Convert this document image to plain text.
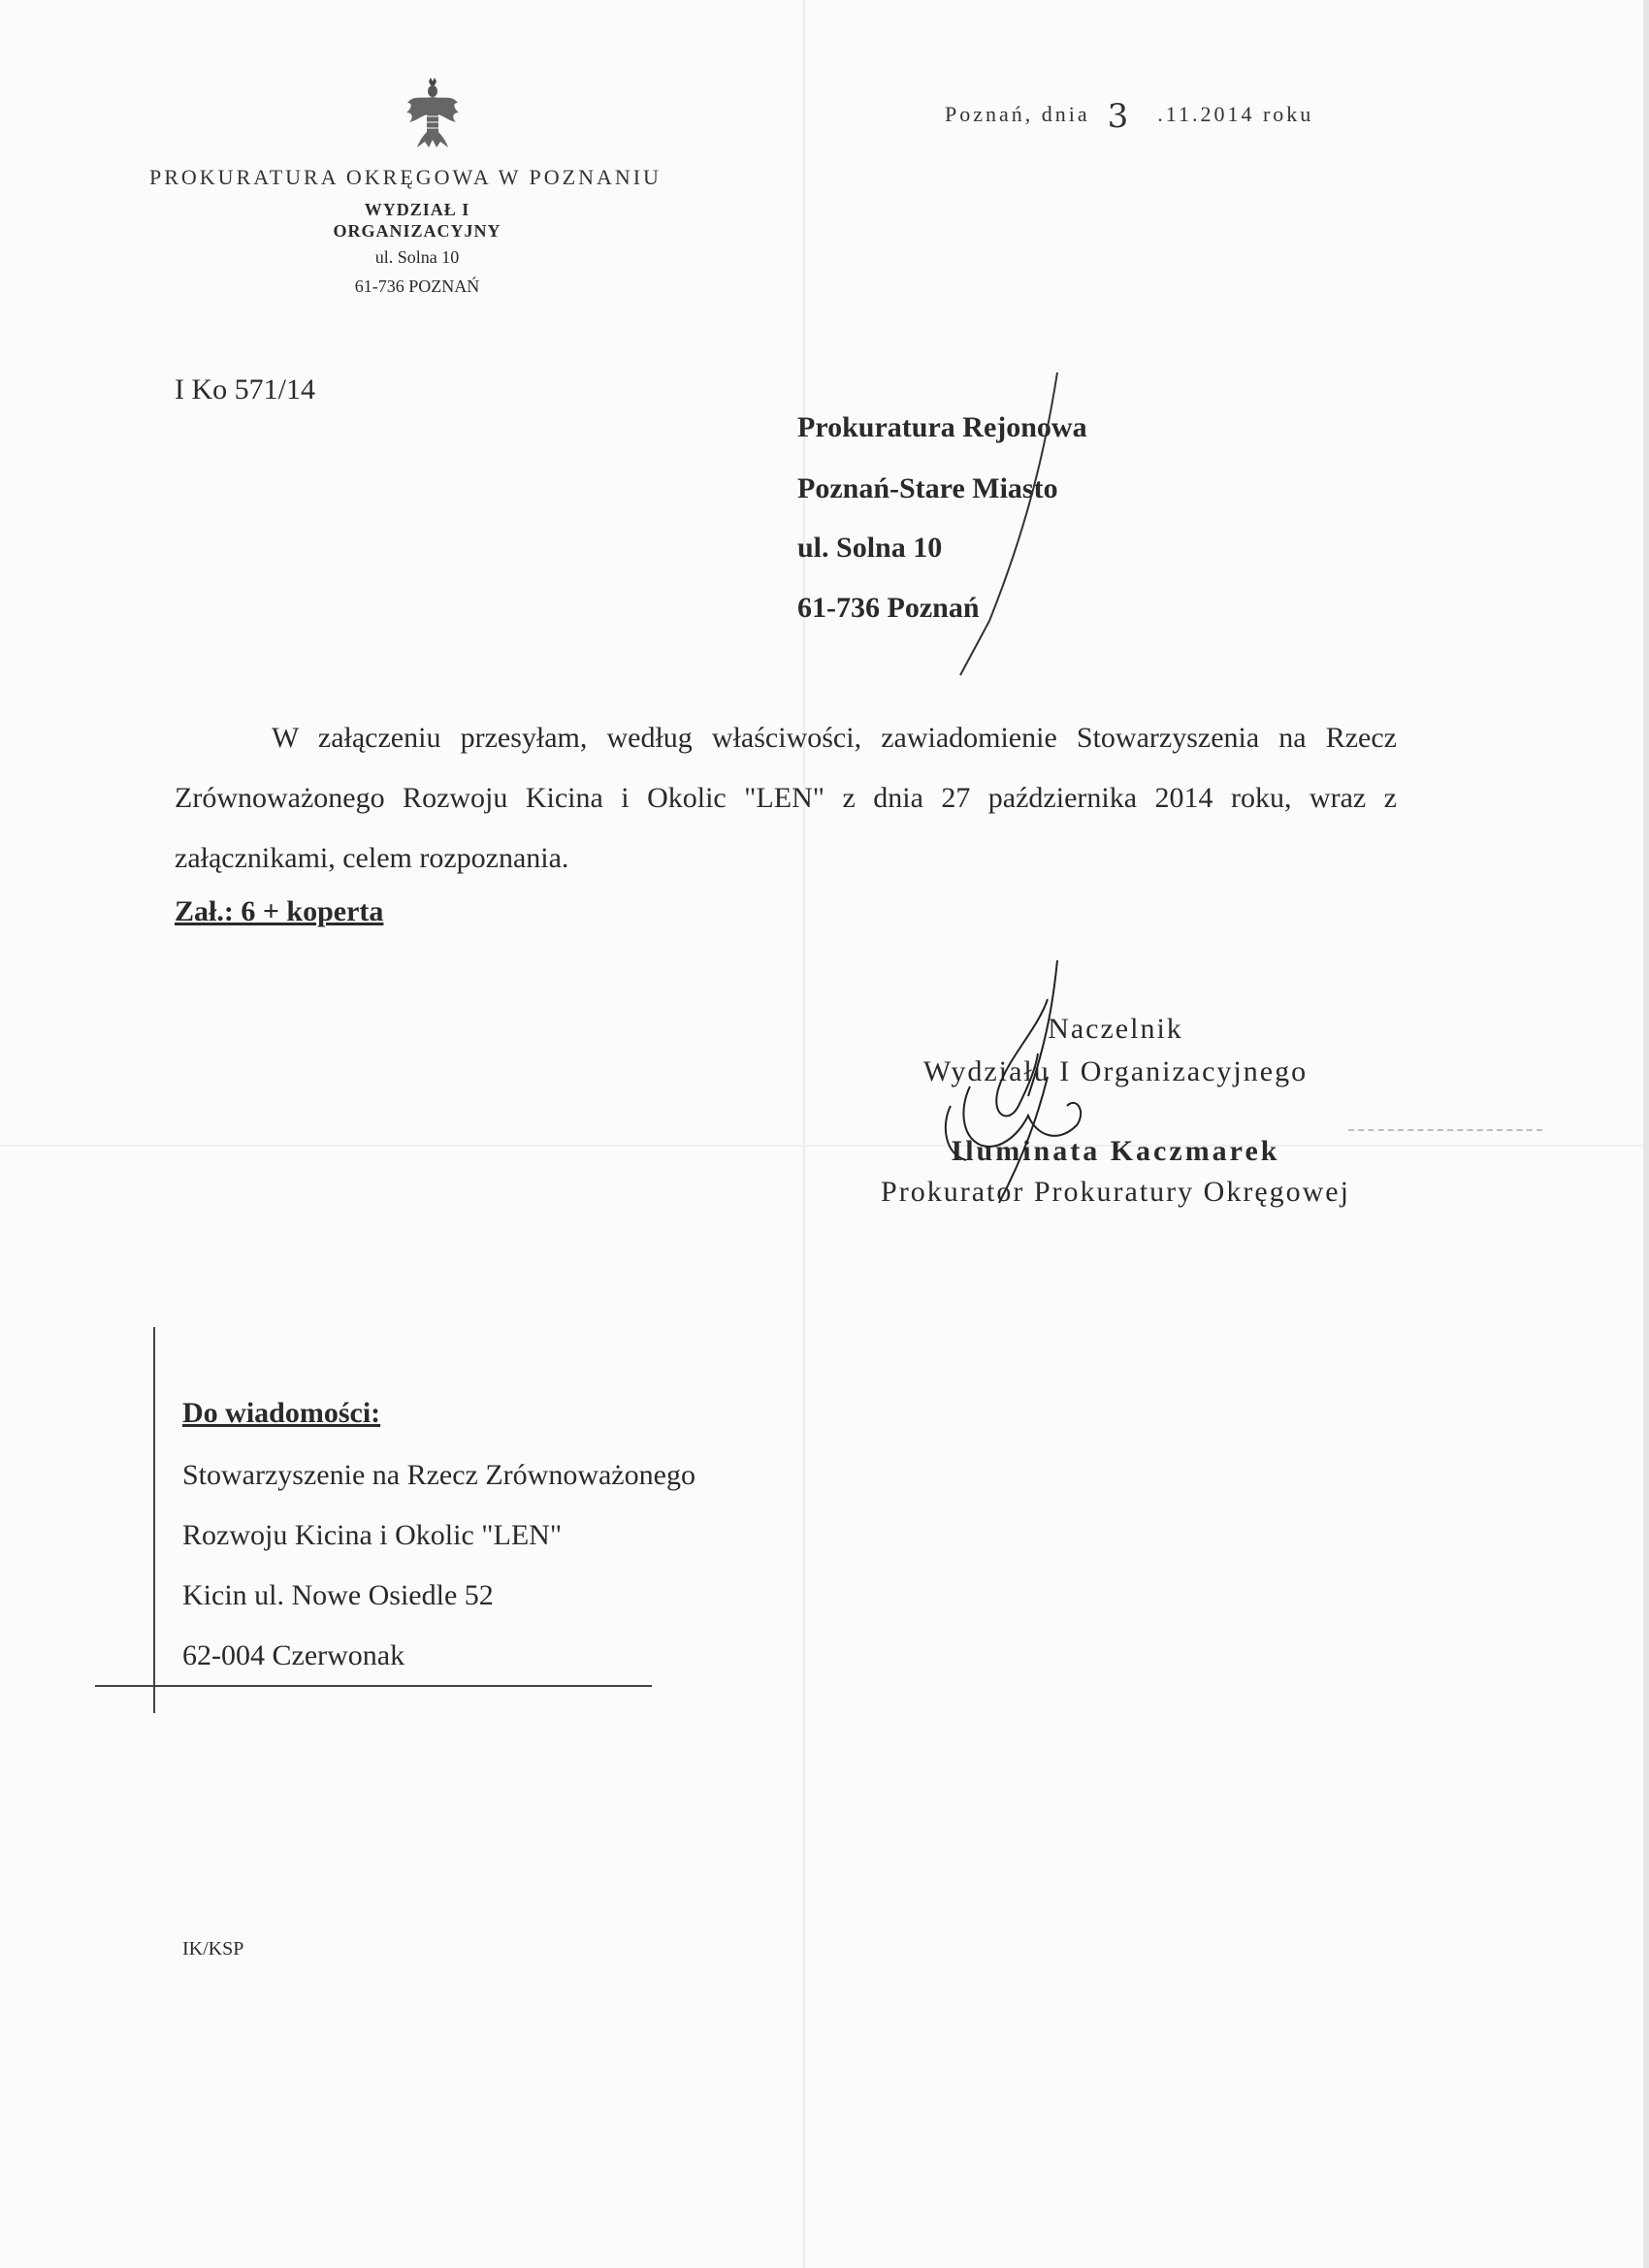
PROKURATURA OKRĘGOWA W POZNANIU
WYDZIAŁ I
ORGANIZACYJNY
ul. Solna 10
61-736 POZNAŃ
Poznań, dnia 3 .11.2014 roku
I Ko 571/14
Prokuratura Rejonowa
Poznań-Stare Miasto
ul. Solna 10
61-736 Poznań
W załączeniu przesyłam, według właściwości, zawiadomienie Stowarzyszenia na Rzecz Zrównoważonego Rozwoju Kicina i Okolic "LEN" z dnia 27 października 2014 roku, wraz z załącznikami, celem rozpoznania.
Zał.: 6 + koperta
Naczelnik
Wydziału I Organizacyjnego
Iluminata Kaczmarek
Prokurator Prokuratury Okręgowej
Do wiadomości:
Stowarzyszenie na Rzecz Zrównoważonego
Rozwoju Kicina i Okolic "LEN"
Kicin ul. Nowe Osiedle 52
62-004 Czerwonak
IK/KSP
